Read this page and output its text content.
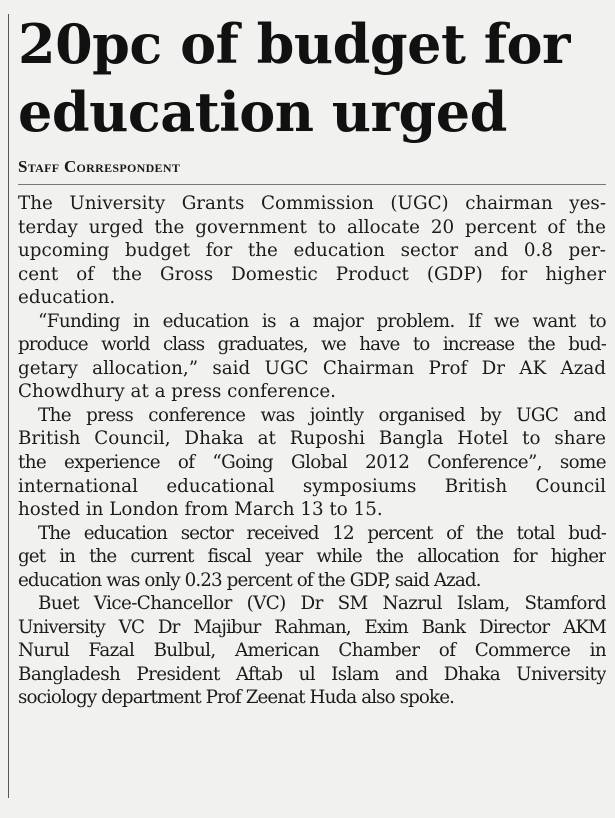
20pc of budget for
education urged
Staff Correspondent
The University Grants Commission (UGC) chairman yes-
terday urged the government to allocate 20 percent of the
upcoming budget for the education sector and 0.8 per-
cent of the Gross Domestic Product (GDP) for higher
education.
“Funding in education is a major problem. If we want to
produce world class graduates, we have to increase the bud-
getary allocation,” said UGC Chairman Prof Dr AK Azad
Chowdhury at a press conference.
The press conference was jointly organised by UGC and
British Council, Dhaka at Ruposhi Bangla Hotel to share
the experience of “Going Global 2012 Conference”, some
international educational symposiums British Council
hosted in London from March 13 to 15.
The education sector received 12 percent of the total bud-
get in the current fiscal year while the allocation for higher
education was only 0.23 percent of the GDP, said Azad.
Buet Vice-Chancellor (VC) Dr SM Nazrul Islam, Stamford
University VC Dr Majibur Rahman, Exim Bank Director AKM
Nurul Fazal Bulbul, American Chamber of Commerce in
Bangladesh President Aftab ul Islam and Dhaka University
sociology department Prof Zeenat Huda also spoke.
